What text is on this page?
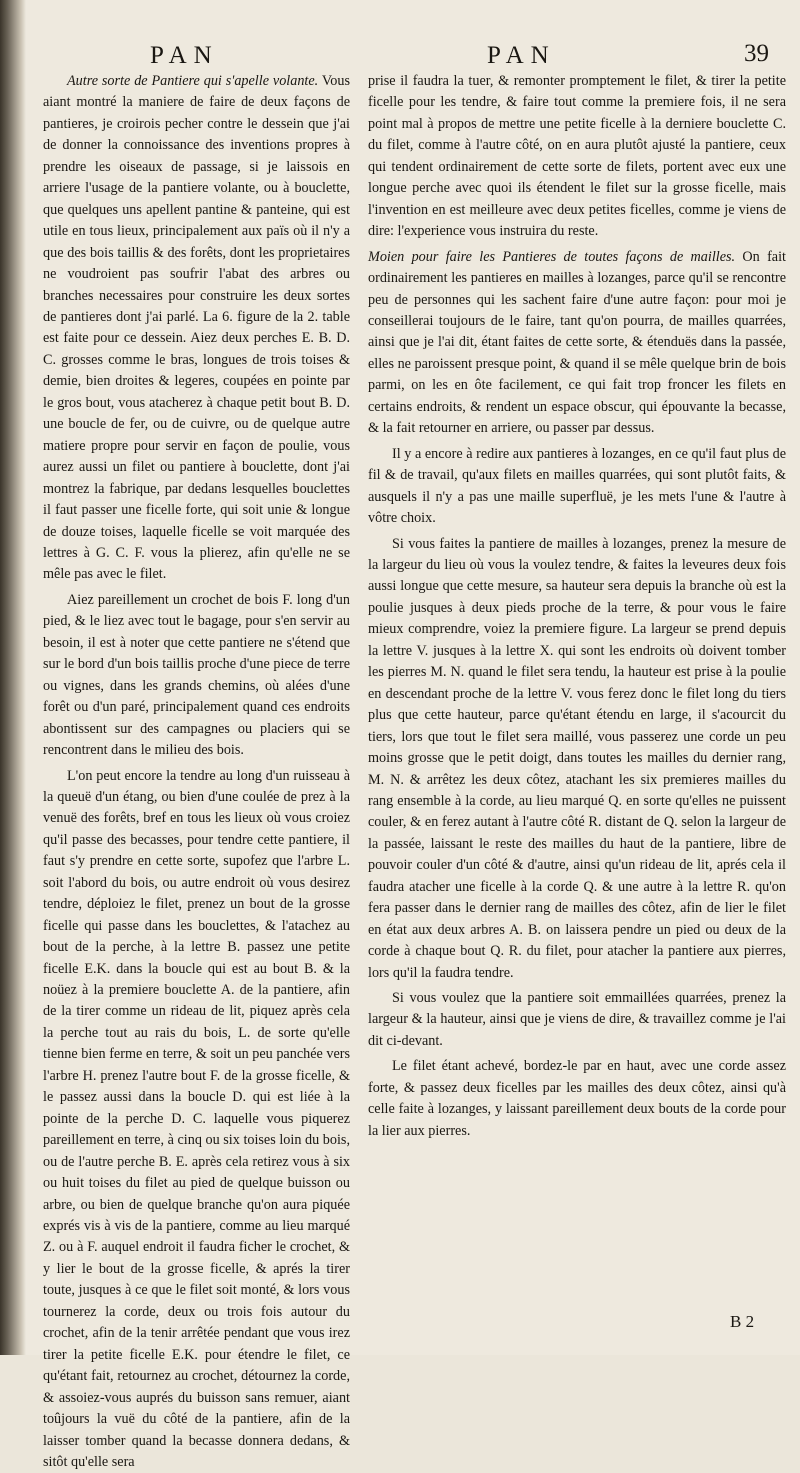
PAN	PAN	39

Autre sorte de Pantiere qui s'apelle volante. Vous aiant montré la maniere de faire de deux façons de pantieres, je croirois pecher contre le dessein que j'ai de donner la connoissance des inventions propres à prendre les oiseaux de passage, si je laissois en arriere l'usage de la pantiere volante, ou à bouclette, que quelques uns apellent pantine & panteine, qui est utile en tous lieux, principalement aux païs où il n'y a que des bois taillis & des forêts, dont les proprietaires ne voudroient pas soufrir l'abat des arbres ou branches necessaires pour construire les deux sortes de pantieres dont j'ai parlé. La 6. figure de la 2. table est faite pour ce dessein. Aiez deux perches E. B. D. C. grosses comme le bras, longues de trois toises & demie, bien droites & legeres, coupées en pointe par le gros bout, vous atacherez à chaque petit bout B. D. une boucle de fer, ou de cuivre, ou de quelque autre matiere propre pour servir en façon de poulie, vous aurez aussi un filet ou pantiere à bouclette, dont j'ai montrez la fabrique, par dedans lesquelles bouclettes il faut passer une ficelle forte, qui soit unie & longue de douze toises, laquelle ficelle se voit marquée des lettres à G. C. F. vous la plierez, afin qu'elle ne se mêle pas avec le filet.

Aiez pareillement un crochet de bois F. long d'un pied, & le liez avec tout le bagage, pour s'en servir au besoin, il est à noter que cette pantiere ne s'étend que sur le bord d'un bois taillis proche d'une piece de terre ou vignes, dans les grands chemins, où alées d'une forêt ou d'un paré, principalement quand ces endroits abontissent sur des campagnes ou placiers qui se rencontrent dans le milieu des bois.

L'on peut encore la tendre au long d'un ruisseau à la queuë d'un étang, ou bien d'une coulée de prez à la venuë des forêts, bref en tous les lieux où vous croiez qu'il passe des becasses, pour tendre cette pantiere, il faut s'y prendre en cette sorte, supofez que l'arbre L. soit l'abord du bois, ou autre endroit où vous desirez tendre, déploiez le filet, prenez un bout de la grosse ficelle qui passe dans les bouclettes, & l'atachez au bout de la perche, à la lettre B. passez une petite ficelle E.K. dans la boucle qui est au bout B. & la noüez à la premiere bouclette A. de la pantiere, afin de la tirer comme un rideau de lit, piquez après cela la perche tout au rais du bois, L. de sorte qu'elle tienne bien ferme en terre, & soit un peu panchée vers l'arbre H. prenez l'autre bout F. de la grosse ficelle, & le passez aussi dans la boucle D. qui est liée à la pointe de la perche D. C. laquelle vous piquerez pareillement en terre, à cinq ou six toises loin du bois, ou de l'autre perche B. E. après cela retirez vous à six ou huit toises du filet au pied de quelque buisson ou arbre, ou bien de quelque branche qu'on aura piquée exprés vis à vis de la pantiere, comme au lieu marqué Z. ou à F. auquel endroit il faudra ficher le crochet, & y lier le bout de la grosse ficelle, & aprés la tirer toute, jusques à ce que le filet soit monté, & lors vous tournerez la corde, deux ou trois fois autour du crochet, afin de la tenir arrêtée pendant que vous irez tirer la petite ficelle E.K. pour étendre le filet, ce qu'étant fait, retournez au crochet, détournez la corde, & assoiez-vous auprés du buisson sans remuer, aiant toûjours la vuë du côté de la pantiere, afin de la laisser tomber quand la becasse donnera dedans, & sitôt qu'elle sera

prise il faudra la tuer, & remonter promptement le filet, & tirer la petite ficelle pour les tendre, & faire tout comme la premiere fois, il ne sera point mal à propos de mettre une petite ficelle à la derniere bouclette C. du filet, comme à l'autre côté, on en aura plutôt ajusté la pantiere, ceux qui tendent ordinairement de cette sorte de filets, portent avec eux une longue perche avec quoi ils étendent le filet sur la grosse ficelle, mais l'invention en est meilleure avec deux petites ficelles, comme je viens de dire: l'experience vous instruira du reste.

Moien pour faire les Pantieres de toutes façons de mailles. On fait ordinairement les pantieres en mailles à lozanges, parce qu'il se rencontre peu de personnes qui les sachent faire d'une autre façon: pour moi je conseillerai toujours de le faire, tant qu'on pourra, de mailles quarrées, ainsi que je l'ai dit, étant faites de cette sorte, & étenduës dans la passée, elles ne paroissent presque point, & quand il se mêle quelque brin de bois parmi, on les en ôte facilement, ce qui fait trop froncer les filets en certains endroits, & rendent un espace obscur, qui épouvante la becasse, & la fait retourner en arriere, ou passer par dessus.

Il y a encore à redire aux pantieres à lozanges, en ce qu'il faut plus de fil & de travail, qu'aux filets en mailles quarrées, qui sont plutôt faits, & ausquels il n'y a pas une maille superfluë, je les mets l'une & l'autre à vôtre choix.

Si vous faites la pantiere de mailles à lozanges, prenez la mesure de la largeur du lieu où vous la voulez tendre, & faites la leveures deux fois aussi longue que cette mesure, sa hauteur sera depuis la branche où est la poulie jusques à deux pieds proche de la terre, & pour vous le faire mieux comprendre, voiez la premiere figure. La largeur se prend depuis la lettre V. jusques à la lettre X. qui sont les endroits où doivent tomber les pierres M. N. quand le filet sera tendu, la hauteur est prise à la poulie en descendant proche de la lettre V. vous ferez donc le filet long du tiers plus que cette hauteur, parce qu'étant étendu en large, il s'acourcit du tiers, lors que tout le filet sera maillé, vous passerez une corde un peu moins grosse que le petit doigt, dans toutes les mailles du dernier rang, M. N. & arrêtez les deux côtez, atachant les six premieres mailles du rang ensemble à la corde, au lieu marqué Q. en sorte qu'elles ne puissent couler, & en ferez autant à l'autre côté R. distant de Q. selon la largeur de la passée, laissant le reste des mailles du haut de la pantiere, libre de pouvoir couler d'un côté & d'autre, ainsi qu'un rideau de lit, aprés cela il faudra atacher une ficelle à la corde Q. & une autre à la lettre R. qu'on fera passer dans le dernier rang de mailles des côtez, afin de lier le filet en état aux deux arbres A. B. on laissera pendre un pied ou deux de la corde à chaque bout Q. R. du filet, pour atacher la pantiere aux pierres, lors qu'il la faudra tendre.

Si vous voulez que la pantiere soit emmaillées quarrées, prenez la largeur & la hauteur, ainsi que je viens de dire, & travaillez comme je l'ai dit ci-devant.

Le filet étant achevé, bordez-le par en haut, avec une corde assez forte, & passez deux ficelles par les mailles des deux côtez, ainsi qu'à celle faite à lozanges, y laissant pareillement deux bouts de la corde pour la lier aux pierres.

B 2
